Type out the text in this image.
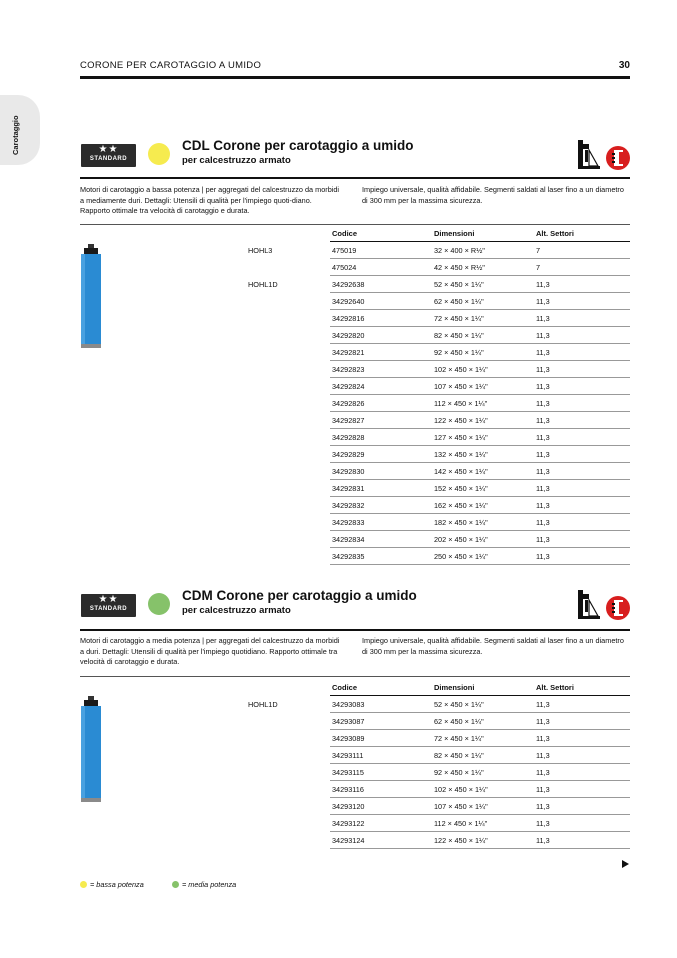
CORONE PER CAROTAGGIO A UMIDO	30
Carotaggio	★★
STANDARD
CDL Corone per carotaggio a umido
per calcestruzzo armato
Motori di carotaggio a bassa potenza | per aggregati del calcestruzzo da morbidi a mediamente duri. Dettagli: Utensili di qualità per l'impiego quoti-diano. Rapporto ottimale tra velocità di carotaggio e durata.
Impiego universale, qualità affidabile. Segmenti saldati al laser fino a un diametro di 300 mm per la massima sicurezza.
Codice	Dimensioni	Alt. Settori
HOHL3	475019	32 × 400 × R½"	7
475024	42 × 450 × R½"	7
HOHL1D	34292638	52 × 450 × 1¼"	11,3
34292640	62 × 450 × 1¼"	11,3
34292816	72 × 450 × 1¼"	11,3
34292820	82 × 450 × 1¼"	11,3
34292821	92 × 450 × 1¼"	11,3
34292823	102 × 450 × 1¼"	11,3
34292824	107 × 450 × 1¼"	11,3
34292826	112 × 450 × 1¼"	11,3
34292827	122 × 450 × 1¼"	11,3
34292828	127 × 450 × 1¼"	11,3
34292829	132 × 450 × 1¼"	11,3
34292830	142 × 450 × 1¼"	11,3
34292831	152 × 450 × 1¼"	11,3
34292832	162 × 450 × 1¼"	11,3
34292833	182 × 450 × 1¼"	11,3
34292834	202 × 450 × 1¼"	11,3
34292835	250 × 450 × 1¼"	11,3
★★
STANDARD
CDM Corone per carotaggio a umido
per calcestruzzo armato
Motori di carotaggio a media potenza | per aggregati del calcestruzzo da morbidi a duri. Dettagli: Utensili di qualità per l'impiego quotidiano. Rapporto ottimale tra velocità di carotaggio e durata.
Impiego universale, qualità affidabile. Segmenti saldati al laser fino a un diametro di 300 mm per la massima sicurezza.
Codice	Dimensioni	Alt. Settori
HOHL1D	34293083	52 × 450 × 1¼"	11,3
34293087	62 × 450 × 1¼"	11,3
34293089	72 × 450 × 1¼"	11,3
34293111	82 × 450 × 1¼"	11,3
34293115	92 × 450 × 1¼"	11,3
34293116	102 × 450 × 1¼"	11,3
34293120	107 × 450 × 1¼"	11,3
34293122	112 × 450 × 1¼"	11,3
34293124	122 × 450 × 1¼"	11,3
= bassa potenza	= media potenza
